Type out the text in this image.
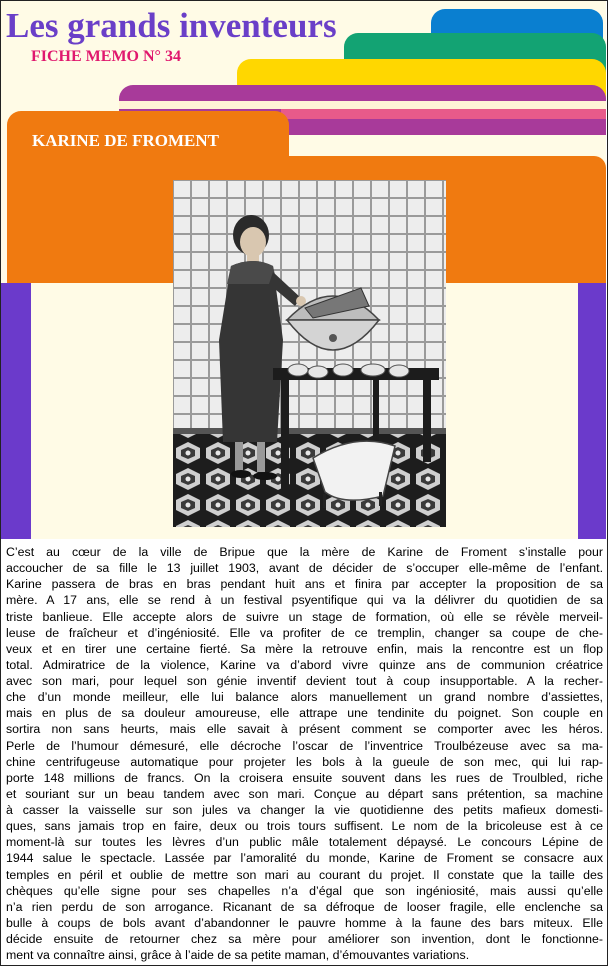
Les grands inventeurs
FICHE MEMO N° 34
KARINE DE FROMENT
C’est au cœur de la ville de Bripue que la mère de Karine de Froment s’installe pour
accoucher de sa fille le 13 juillet 1903, avant de décider de s’occuper elle-même de l’enfant.
Karine passera de bras en bras pendant huit ans et finira par accepter la proposition de sa
mère. A 17 ans, elle se rend à un festival psyentifique qui va la délivrer du quotidien de sa
triste banlieue. Elle accepte alors de suivre un stage de formation, où elle se révèle merveil-
leuse de fraîcheur et d’ingéniosité. Elle va profiter de ce tremplin, changer sa coupe de che-
veux et en tirer une certaine fierté. Sa mère la retrouve enfin, mais la rencontre est un flop
total. Admiratrice de la violence, Karine va d’abord vivre quinze ans de communion créatrice
avec son mari, pour lequel son génie inventif devient tout à coup insupportable. A la recher-
che d’un monde meilleur, elle lui balance alors manuellement un grand nombre d’assiettes,
mais en plus de sa douleur amoureuse, elle attrape une tendinite du poignet. Son couple en
sortira non sans heurts, mais elle savait à présent comment se comporter avec les héros.
Perle de l’humour démesuré, elle décroche l’oscar de l’inventrice Troulbézeuse avec sa ma-
chine centrifugeuse automatique pour projeter les bols à la gueule de son mec, qui lui rap-
porte 148 millions de francs. On la croisera ensuite souvent dans les rues de Troulbled, riche
et souriant sur un beau tandem avec son mari. Conçue au départ sans prétention, sa machine
à casser la vaisselle sur son jules va changer la vie quotidienne des petits mafieux domesti-
ques, sans jamais trop en faire, deux ou trois tours suffisent. Le nom de la bricoleuse est à ce
moment-là sur toutes les lèvres d’un public mâle totalement dépaysé. Le concours Lépine de
1944 salue le spectacle. Lassée par l’amoralité du monde, Karine de Froment se consacre aux
temples en péril et oublie de mettre son mari au courant du projet. Il constate que la taille des
chèques qu’elle signe pour ses chapelles n’a d’égal que son ingéniosité, mais aussi qu’elle
n’a rien perdu de son arrogance. Ricanant de sa défroque de looser fragile, elle enclenche sa
bulle à coups de bols avant d’abandonner le pauvre homme à la faune des bars miteux. Elle
décide ensuite de retourner chez sa mère pour améliorer son invention, dont le fonctionne-
ment va connaître ainsi, grâce à l’aide de sa petite maman, d’émouvantes variations.
